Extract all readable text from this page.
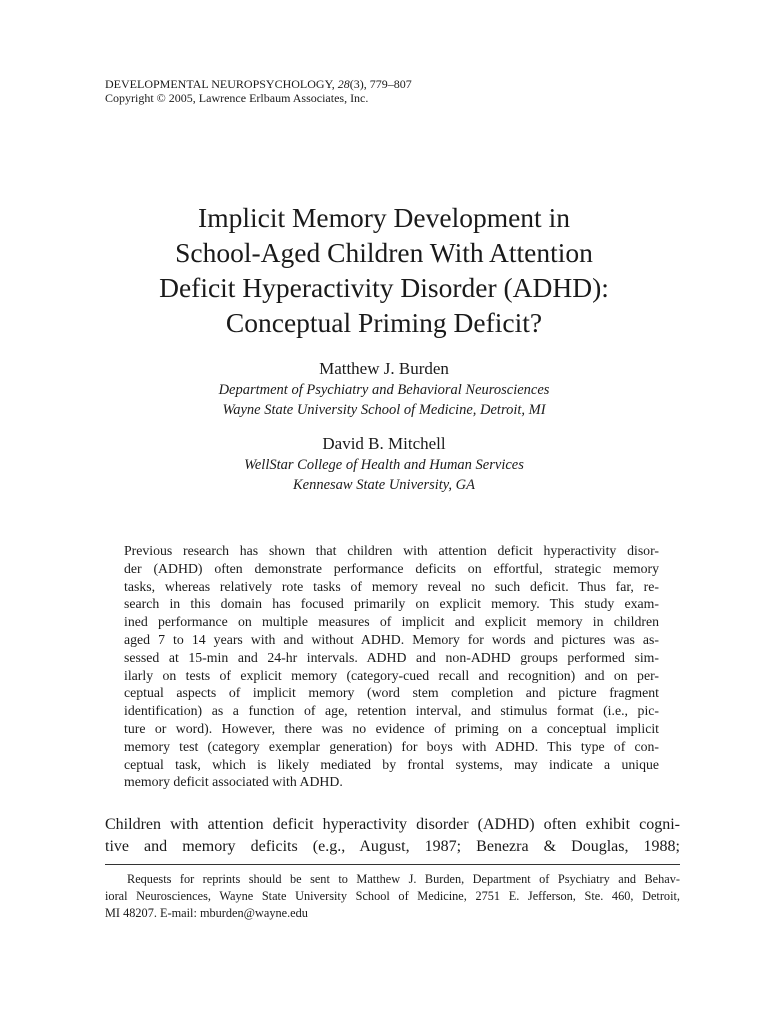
DEVELOPMENTAL NEUROPSYCHOLOGY, 28(3), 779–807
Copyright © 2005, Lawrence Erlbaum Associates, Inc.
Implicit Memory Development in
School-Aged Children With Attention
Deficit Hyperactivity Disorder (ADHD):
Conceptual Priming Deficit?
Matthew J. Burden
Department of Psychiatry and Behavioral Neurosciences
Wayne State University School of Medicine, Detroit, MI
David B. Mitchell
WellStar College of Health and Human Services
Kennesaw State University, GA
Previous research has shown that children with attention deficit hyperactivity disor-
der (ADHD) often demonstrate performance deficits on effortful, strategic memory
tasks, whereas relatively rote tasks of memory reveal no such deficit. Thus far, re-
search in this domain has focused primarily on explicit memory. This study exam-
ined performance on multiple measures of implicit and explicit memory in children
aged 7 to 14 years with and without ADHD. Memory for words and pictures was as-
sessed at 15-min and 24-hr intervals. ADHD and non-ADHD groups performed sim-
ilarly on tests of explicit memory (category-cued recall and recognition) and on per-
ceptual aspects of implicit memory (word stem completion and picture fragment
identification) as a function of age, retention interval, and stimulus format (i.e., pic-
ture or word). However, there was no evidence of priming on a conceptual implicit
memory test (category exemplar generation) for boys with ADHD. This type of con-
ceptual task, which is likely mediated by frontal systems, may indicate a unique
memory deficit associated with ADHD.
Children with attention deficit hyperactivity disorder (ADHD) often exhibit cogni-
tive and memory deficits (e.g., August, 1987; Benezra & Douglas, 1988;
Requests for reprints should be sent to Matthew J. Burden, Department of Psychiatry and Behav-
ioral Neurosciences, Wayne State University School of Medicine, 2751 E. Jefferson, Ste. 460, Detroit,
MI 48207. E-mail: mburden@wayne.edu
